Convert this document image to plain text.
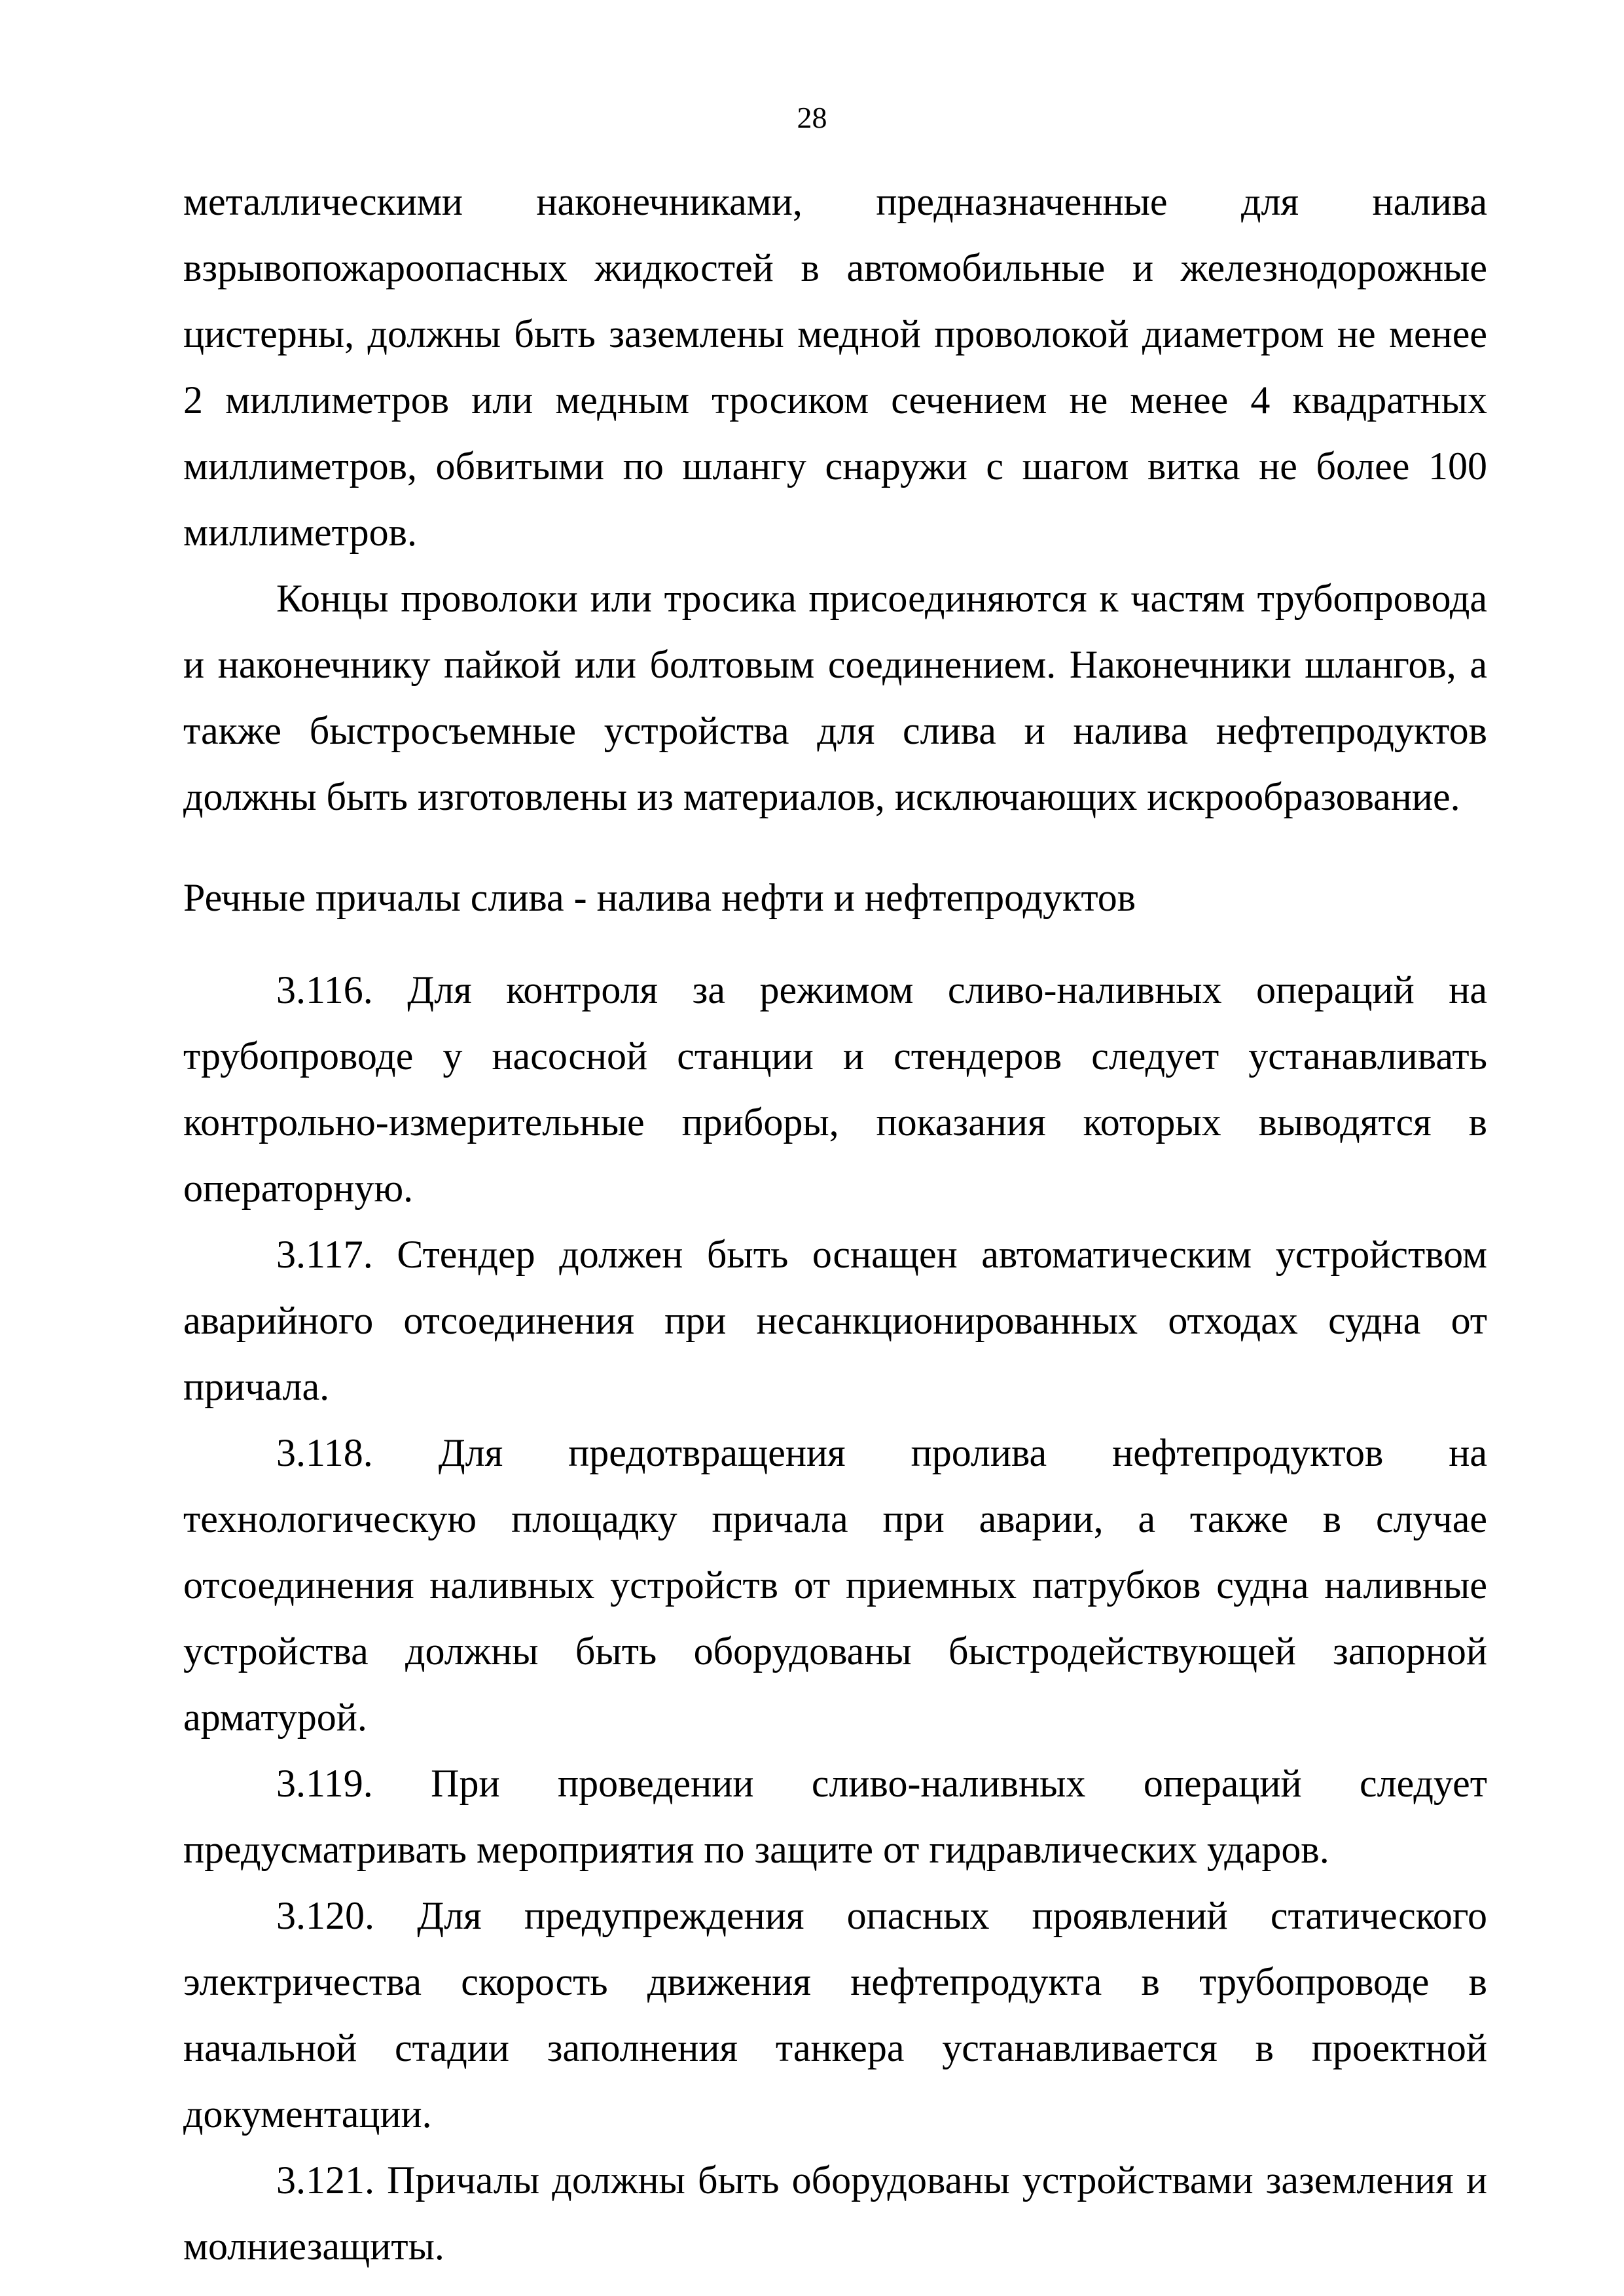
28

металлическими наконечниками, предназначенные для налива взрывопожароопасных жидкостей в автомобильные и железнодорожные цистерны, должны быть заземлены медной проволокой диаметром не менее 2 миллиметров или медным тросиком сечением не менее 4 квадратных миллиметров, обвитыми по шлангу снаружи с шагом витка не более 100 миллиметров.

Концы проволоки или тросика присоединяются к частям трубопровода и наконечнику пайкой или болтовым соединением. Наконечники шлангов, а также быстросъемные устройства для слива и налива нефтепродуктов должны быть изготовлены из материалов, исключающих искрообразование.

Речные причалы слива - налива нефти и нефтепродуктов

3.116. Для контроля за режимом сливо-наливных операций на трубопроводе у насосной станции и стендеров следует устанавливать контрольно-измерительные приборы, показания которых выводятся в операторную.

3.117. Стендер должен быть оснащен автоматическим устройством аварийного отсоединения при несанкционированных отходах судна от причала.

3.118. Для предотвращения пролива нефтепродуктов на технологическую площадку причала при аварии, а также в случае отсоединения наливных устройств от приемных патрубков судна наливные устройства должны быть оборудованы быстродействующей запорной арматурой.

3.119. При проведении сливо-наливных операций следует предусматривать мероприятия по защите от гидравлических ударов.

3.120. Для предупреждения опасных проявлений статического электричества скорость движения нефтепродукта в трубопроводе в начальной стадии заполнения танкера устанавливается в проектной документации.

3.121. Причалы должны быть оборудованы устройствами заземления и молниезащиты.
